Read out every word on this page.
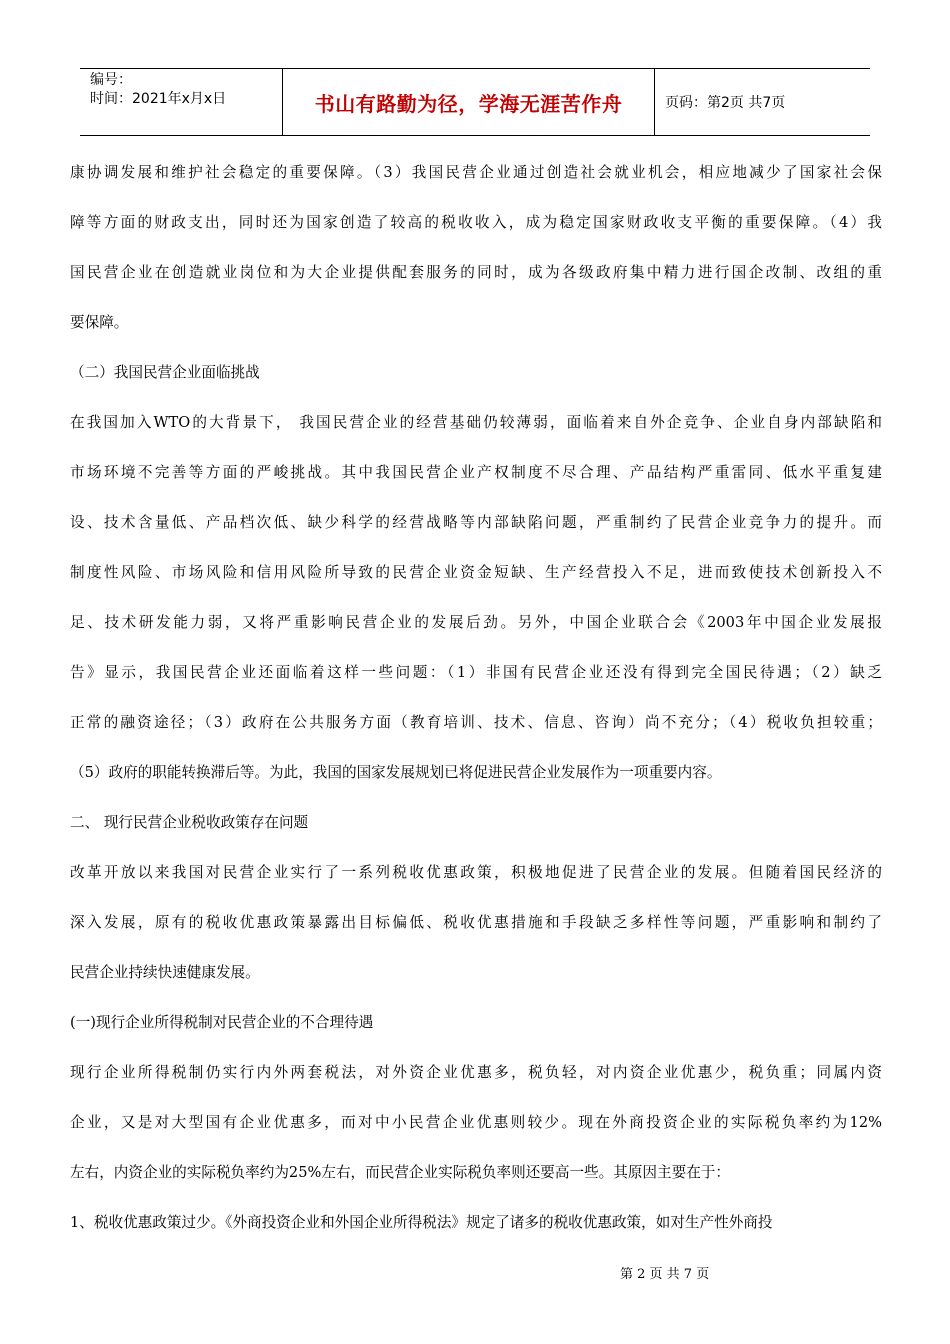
编号：
时间：2021年x月x日	书山有路勤为径，学海无涯苦作舟	页码：第2页 共7页
康协调发展和维护社会稳定的重要保障。（3）我国民营企业通过创造社会就业机会，相应地减少了国家社会保
障等方面的财政支出，同时还为国家创造了较高的税收收入，成为稳定国家财政收支平衡的重要保障。（4）我
国民营企业在创造就业岗位和为大企业提供配套服务的同时，成为各级政府集中精力进行国企改制、改组的重
要保障。
（二）我国民营企业面临挑战
在我国加入WTO的大背景下， 我国民营企业的经营基础仍较薄弱，面临着来自外企竞争、企业自身内部缺陷和
市场环境不完善等方面的严峻挑战。其中我国民营企业产权制度不尽合理、产品结构严重雷同、低水平重复建
设、技术含量低、产品档次低、缺少科学的经营战略等内部缺陷问题，严重制约了民营企业竞争力的提升。而
制度性风险、市场风险和信用风险所导致的民营企业资金短缺、生产经营投入不足，进而致使技术创新投入不
足、技术研发能力弱，又将严重影响民营企业的发展后劲。另外，中国企业联合会《2003年中国企业发展报
告》显示，我国民营企业还面临着这样一些问题：（1）非国有民营企业还没有得到完全国民待遇；（2）缺乏
正常的融资途径；（3）政府在公共服务方面（教育培训、技术、信息、咨询）尚不充分；（4）税收负担较重；
（5）政府的职能转换滞后等。为此，我国的国家发展规划已将促进民营企业发展作为一项重要内容。
二、 现行民营企业税收政策存在问题
改革开放以来我国对民营企业实行了一系列税收优惠政策，积极地促进了民营企业的发展。但随着国民经济的
深入发展，原有的税收优惠政策暴露出目标偏低、税收优惠措施和手段缺乏多样性等问题，严重影响和制约了
民营企业持续快速健康发展。
(一)现行企业所得税制对民营企业的不合理待遇
现行企业所得税制仍实行内外两套税法，对外资企业优惠多，税负轻，对内资企业优惠少，税负重；同属内资
企业，又是对大型国有企业优惠多，而对中小民营企业优惠则较少。现在外商投资企业的实际税负率约为12%
左右，内资企业的实际税负率约为25%左右，而民营企业实际税负率则还要高一些。其原因主要在于：
1、税收优惠政策过少。《外商投资企业和外国企业所得税法》规定了诸多的税收优惠政策，如对生产性外商投
第 2 页 共 7 页
